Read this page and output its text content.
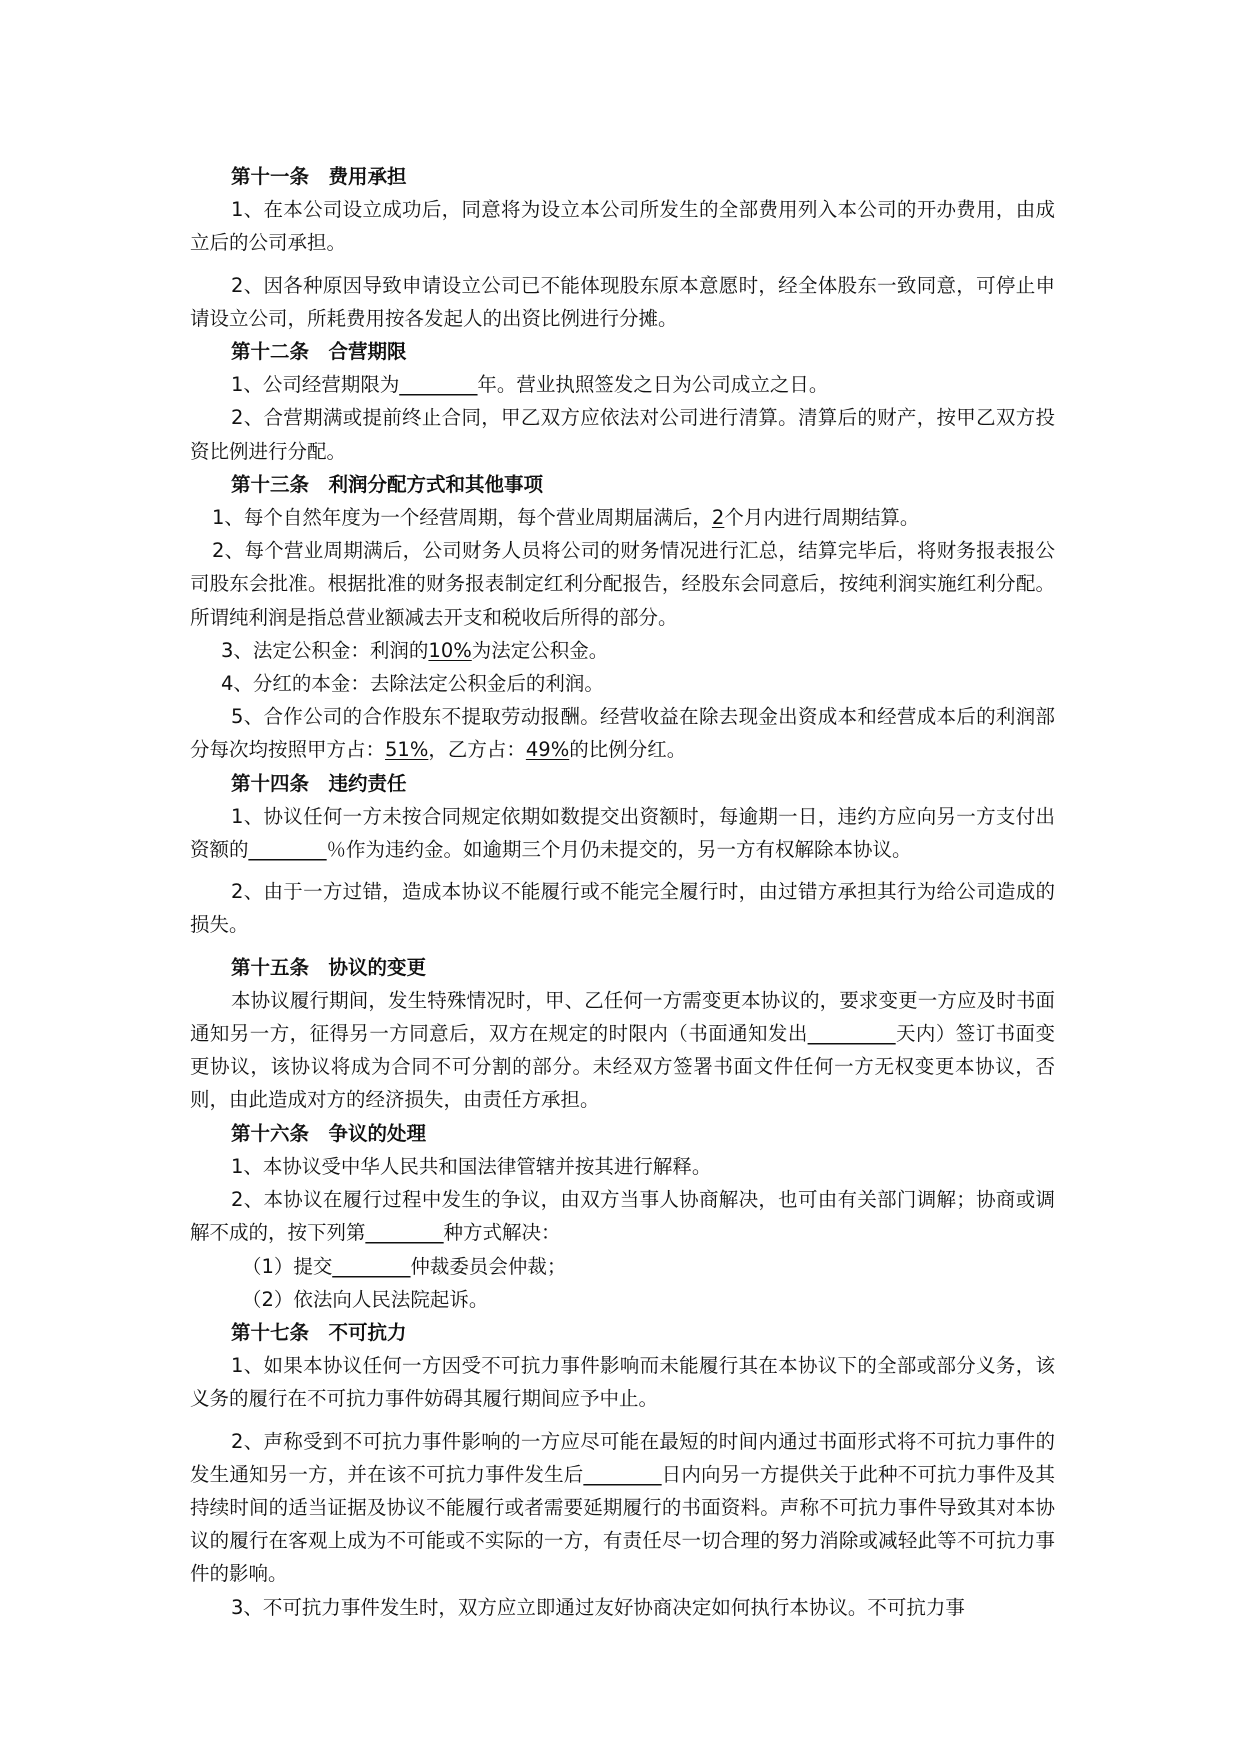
第十一条　费用承担

1、在本公司设立成功后，同意将为设立本公司所发生的全部费用列入本公司的开办费用，由成立后的公司承担。

2、因各种原因导致申请设立公司已不能体现股东原本意愿时，经全体股东一致同意，可停止申请设立公司，所耗费用按各发起人的出资比例进行分摊。

第十二条　合营期限

1、公司经营期限为________年。营业执照签发之日为公司成立之日。

2、合营期满或提前终止合同，甲乙双方应依法对公司进行清算。清算后的财产，按甲乙双方投资比例进行分配。

第十三条　利润分配方式和其他事项

1、每个自然年度为一个经营周期，每个营业周期届满后，2个月内进行周期结算。

2、每个营业周期满后，公司财务人员将公司的财务情况进行汇总，结算完毕后，将财务报表报公司股东会批准。根据批准的财务报表制定红利分配报告，经股东会同意后，按纯利润实施红利分配。所谓纯利润是指总营业额减去开支和税收后所得的部分。

3、法定公积金：利润的10%为法定公积金。

4、分红的本金：去除法定公积金后的利润。

5、合作公司的合作股东不提取劳动报酬。经营收益在除去现金出资成本和经营成本后的利润部分每次均按照甲方占：51%，乙方占：49%的比例分红。

第十四条　违约责任

1、协议任何一方未按合同规定依期如数提交出资额时，每逾期一日，违约方应向另一方支付出资额的________％作为违约金。如逾期三个月仍未提交的，另一方有权解除本协议。

2、由于一方过错，造成本协议不能履行或不能完全履行时，由过错方承担其行为给公司造成的损失。

第十五条　协议的变更

本协议履行期间，发生特殊情况时，甲、乙任何一方需变更本协议的，要求变更一方应及时书面通知另一方，征得另一方同意后，双方在规定的时限内（书面通知发出_________天内）签订书面变更协议，该协议将成为合同不可分割的部分。未经双方签署书面文件任何一方无权变更本协议，否则，由此造成对方的经济损失，由责任方承担。

第十六条　争议的处理

1、本协议受中华人民共和国法律管辖并按其进行解释。

2、本协议在履行过程中发生的争议，由双方当事人协商解决，也可由有关部门调解；协商或调解不成的，按下列第________种方式解决：

（1）提交________仲裁委员会仲裁；

（2）依法向人民法院起诉。

第十七条　不可抗力

1、如果本协议任何一方因受不可抗力事件影响而未能履行其在本协议下的全部或部分义务，该义务的履行在不可抗力事件妨碍其履行期间应予中止。

2、声称受到不可抗力事件影响的一方应尽可能在最短的时间内通过书面形式将不可抗力事件的发生通知另一方，并在该不可抗力事件发生后________日内向另一方提供关于此种不可抗力事件及其持续时间的适当证据及协议不能履行或者需要延期履行的书面资料。声称不可抗力事件导致其对本协议的履行在客观上成为不可能或不实际的一方，有责任尽一切合理的努力消除或减轻此等不可抗力事件的影响。

3、不可抗力事件发生时，双方应立即通过友好协商决定如何执行本协议。不可抗力事
